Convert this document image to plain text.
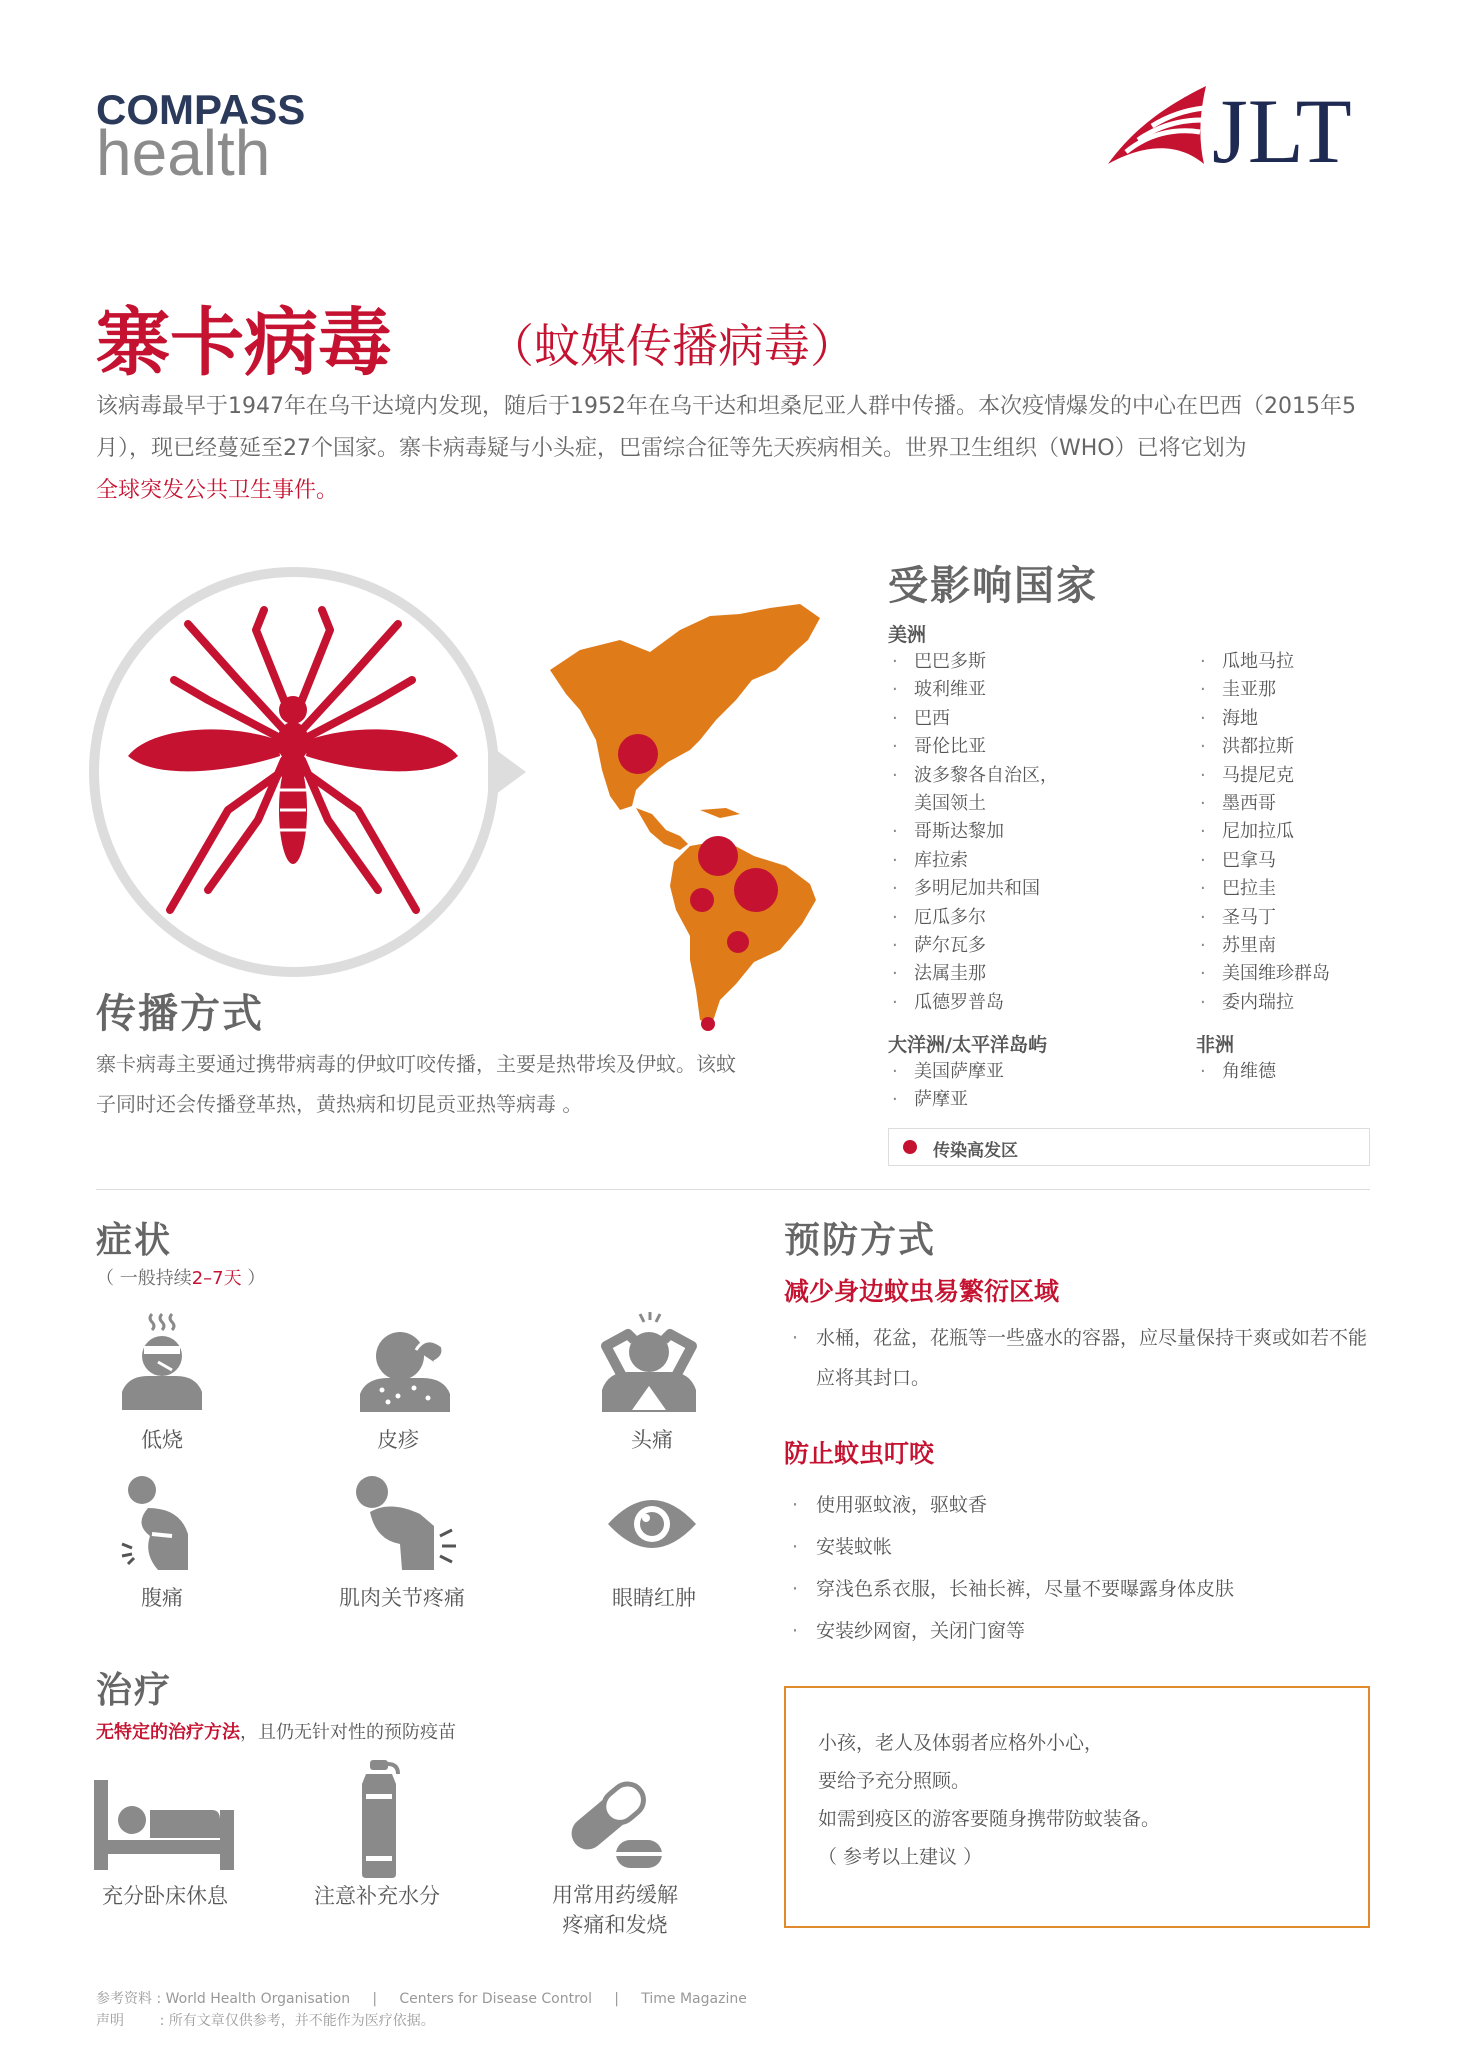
COMPASS
health	JLT
寨卡病毒 （蚊媒传播病毒）
该病毒最早于1947年在乌干达境内发现，随后于1952年在乌干达和坦桑尼亚人群中传播。本次疫情爆发的中心在巴西（2015年5月），现已经蔓延至27个国家。寨卡病毒疑与小头症，巴雷综合征等先天疾病相关。世界卫生组织（WHO）已将它划为
全球突发公共卫生事件。
受影响国家
美洲
· 巴巴多斯
· 玻利维亚
· 巴西
· 哥伦比亚
· 波多黎各自治区，
美国领土
· 哥斯达黎加
· 库拉索
· 多明尼加共和国
· 厄瓜多尔
· 萨尔瓦多
· 法属圭那
· 瓜德罗普岛
· 瓜地马拉
· 圭亚那
· 海地
· 洪都拉斯
· 马提尼克
· 墨西哥
· 尼加拉瓜
· 巴拿马
· 巴拉圭
· 圣马丁
· 苏里南
· 美国维珍群岛
· 委内瑞拉
大洋洲/太平洋岛屿
· 美国萨摩亚
· 萨摩亚
非洲
· 角维德
传染高发区
传播方式
寨卡病毒主要通过携带病毒的伊蚊叮咬传播，主要是热带埃及伊蚊。该蚊子同时还会传播登革热，黄热病和切昆贡亚热等病毒 。
症状
（ 一般持续2–7天 ）
低烧	皮疹	头痛
腹痛	肌肉关节疼痛	眼睛红肿
治疗
无特定的治疗方法，且仍无针对性的预防疫苗
充分卧床休息	注意补充水分	用常用药缓解
疼痛和发烧
预防方式
减少身边蚊虫易繁衍区域
· 水桶，花盆，花瓶等一些盛水的容器，应尽量保持干爽或如若不能应将其封口。
防止蚊虫叮咬
· 使用驱蚊液，驱蚊香
· 安装蚊帐
· 穿浅色系衣服，长袖长裤，尽量不要曝露身体皮肤
· 安装纱网窗，关闭门窗等
小孩，老人及体弱者应格外小心，
要给予充分照顾。
如需到疫区的游客要随身携带防蚊装备。
（ 参考以上建议 ）
参考资料 : World Health Organisation | Centers for Disease Control | Time Magazine
声明        : 所有文章仅供参考，并不能作为医疗依据。
